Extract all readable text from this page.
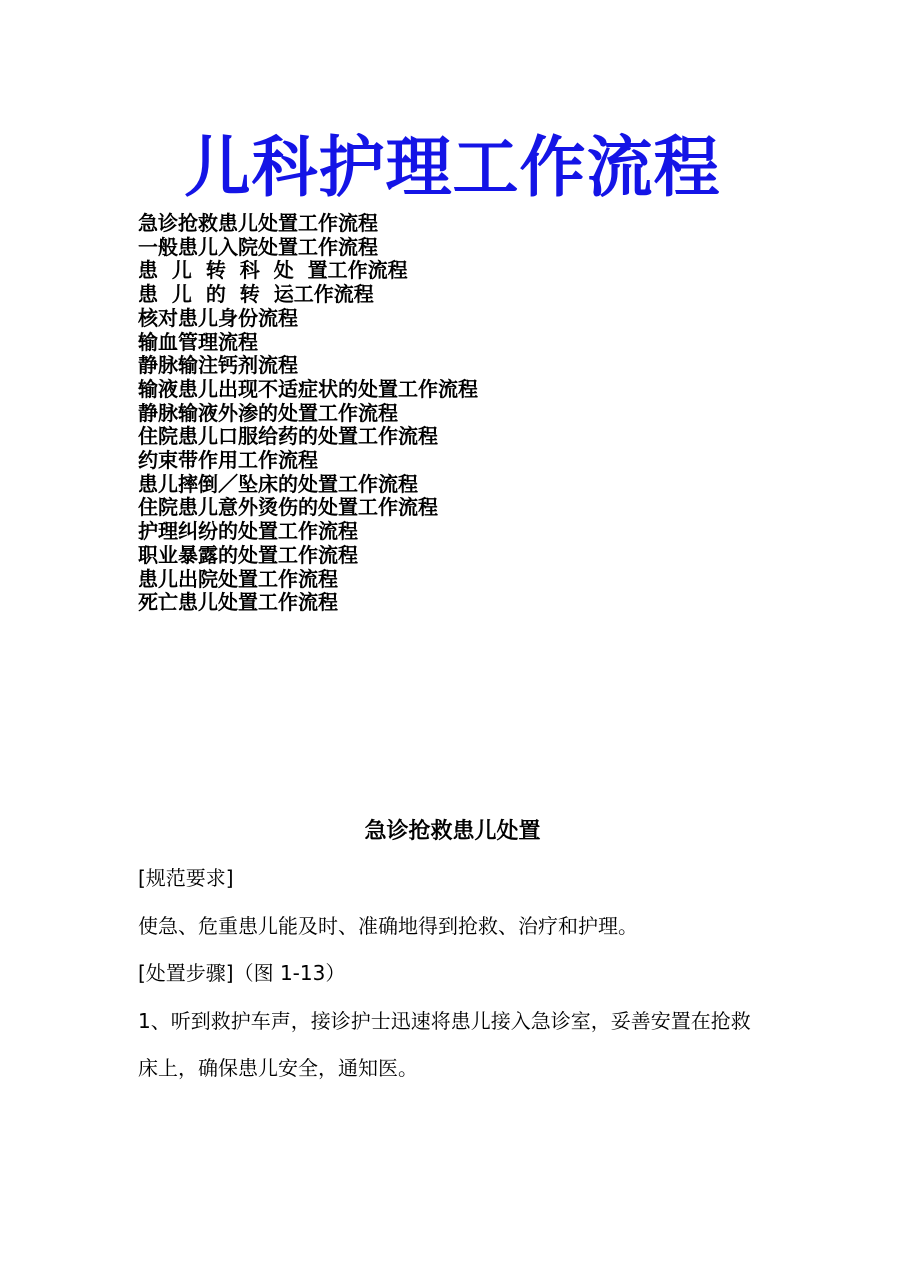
儿科护理工作流程
急诊抢救患儿处置工作流程
一般患儿入院处置工作流程
患  儿  转  科  处  置工作流程
患  儿  的  转  运工作流程
核对患儿身份流程
输血管理流程
静脉输注钙剂流程
输液患儿出现不适症状的处置工作流程
静脉输液外渗的处置工作流程
住院患儿口服给药的处置工作流程
约束带作用工作流程
患儿摔倒／坠床的处置工作流程
住院患儿意外烫伤的处置工作流程
护理纠纷的处置工作流程
职业暴露的处置工作流程
患儿出院处置工作流程
死亡患儿处置工作流程
急诊抢救患儿处置

[规范要求]

使急、危重患儿能及时、准确地得到抢救、治疗和护理。

[处置步骤]（图 1-13）

1、听到救护车声，接诊护士迅速将患儿接入急诊室，妥善安置在抢救

床上，确保患儿安全，通知医。
